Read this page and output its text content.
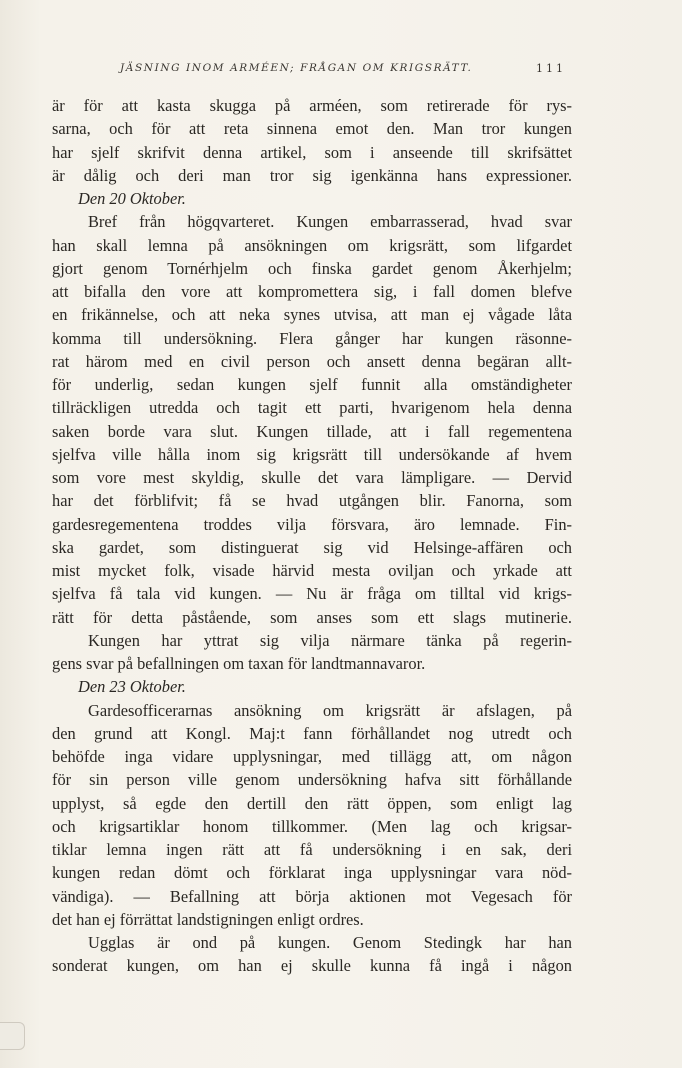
JÄSNING INOM ARMÉEN; FRÅGAN OM KRIGSRÄTT.	111
är för att kasta skugga på arméen, som retirerade för rys-
sarna, och för att reta sinnena emot den. Man tror kungen
har sjelf skrifvit denna artikel, som i anseende till skrifsättet
är dålig och deri man tror sig igenkänna hans expressioner.
Den 20 Oktober.
Bref från högqvarteret. Kungen embarrasserad, hvad svar
han skall lemna på ansökningen om krigsrätt, som lifgardet
gjort genom Tornérhjelm och finska gardet genom Åkerhjelm;
att bifalla den vore att komprometterа sig, i fall domen blefve
en frikännelse, och att neka synes utvisa, att man ej vågade låta
komma till undersökning. Flera gånger har kungen räsonne-
rat härom med en civil person och ansett denna begäran allt-
för underlig, sedan kungen sjelf funnit alla omständigheter
tillräckligen utredda och tagit ett parti, hvarigenom hela denna
saken borde vara slut. Kungen tillade, att i fall regementena
sjelfva ville hålla inom sig krigsrätt till undersökande af hvem
som vore mest skyldig, skulle det vara lämpligare. — Dervid
har det förblifvit; få se hvad utgången blir. Fanorna, som
gardesregementena troddes vilja försvara, äro lemnade. Fin-
ska gardet, som distinguerat sig vid Helsinge-affären och
mist mycket folk, visade härvid mesta oviljan och yrkade att
sjelfva få tala vid kungen. — Nu är fråga om tilltal vid krigs-
rätt för detta påstående, som anses som ett slags mutinerie.
Kungen har yttrat sig vilja närmare tänka på regerin-
gens svar på befallningen om taxan för landtmannavaror.
Den 23 Oktober.
Gardesofficerarnas ansökning om krigsrätt är afslagen, på
den grund att Kongl. Maj:t fann förhållandet nog utredt och
behöfde inga vidare upplysningar, med tillägg att, om någon
för sin person ville genom undersökning hafva sitt förhållande
upplyst, så egde den dertill den rätt öppen, som enligt lag
och krigsartiklar honom tillkommer. (Men lag och krigsar-
tiklar lemna ingen rätt att få undersökning i en sak, deri
kungen redan dömt och förklarat inga upplysningar vara nöd-
vändiga). — Befallning att börja aktionen mot Vegesach för
det han ej förrättat landstigningen enligt ordres.
Ugglas är ond på kungen. Genom Stedingk har han
sonderat kungen, om han ej skulle kunna få ingå i någon
